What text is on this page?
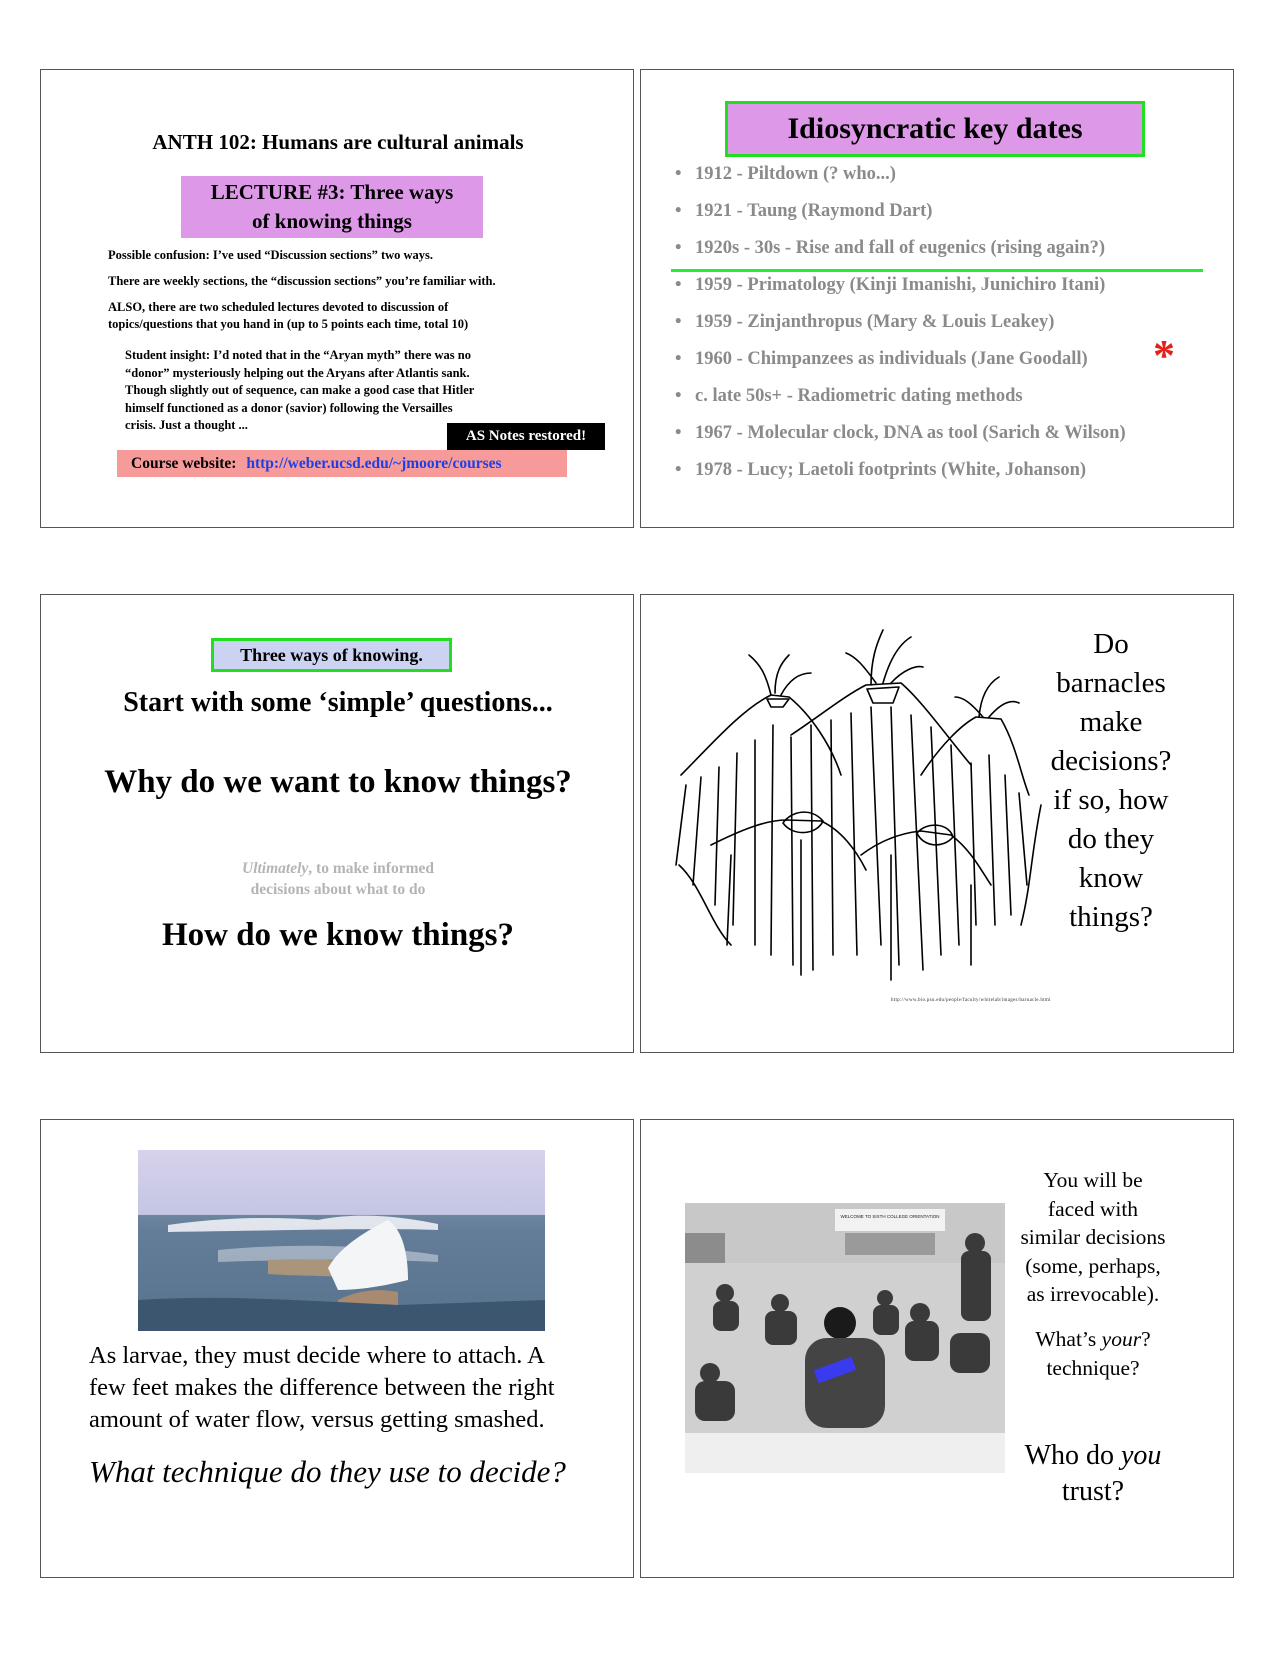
ANTH 102: Humans are cultural animals
LECTURE #3: Three ways
of knowing things
Possible confusion: I’ve used “Discussion sections” two ways.
There are weekly sections, the “discussion sections” you’re familiar with.
ALSO, there are two scheduled lectures devoted to discussion of
topics/questions that you hand in (up to 5 points each time, total 10)
Student insight: I’d noted that in the “Aryan myth” there was no
“donor” mysteriously helping out the Aryans after Atlantis sank.
Though slightly out of sequence, can make a good case that Hitler
himself functioned as a donor (savior) following the Versailles
crisis. Just a thought ...
AS Notes restored!
Course website: http://weber.ucsd.edu/~jmoore/courses
Idiosyncratic key dates
• 1912 - Piltdown (? who...)
• 1921 - Taung (Raymond Dart)
• 1920s - 30s - Rise and fall of eugenics (rising again?)
• 1959 - Primatology (Kinji Imanishi, Junichiro Itani)
• 1959 - Zinjanthropus (Mary & Louis Leakey)
• 1960 - Chimpanzees as individuals (Jane Goodall)
• c. late 50s+ - Radiometric dating methods
• 1967 - Molecular clock, DNA as tool (Sarich & Wilson)
• 1978 - Lucy; Laetoli footprints (White, Johanson)
*
Three ways of knowing.
Start with some ‘simple’ questions...
Why do we want to know things?
Ultimately, to make informed
decisions about what to do
How do we know things?
Do
barnacles
make
decisions?
if so, how
do they
know
things?
http://www.bio.psu.edu/people/faculty/whitelab/images/barnacle.html
As larvae, they must decide where to attach. A
few feet makes the difference between the right
amount of water flow, versus getting smashed.
What technique do they use to decide?
WELCOME TO SIXTH COLLEGE ORIENTATION
You will be
faced with
similar decisions
(some, perhaps,
as irrevocable).
What’s your?
technique?
Who do you
trust?
